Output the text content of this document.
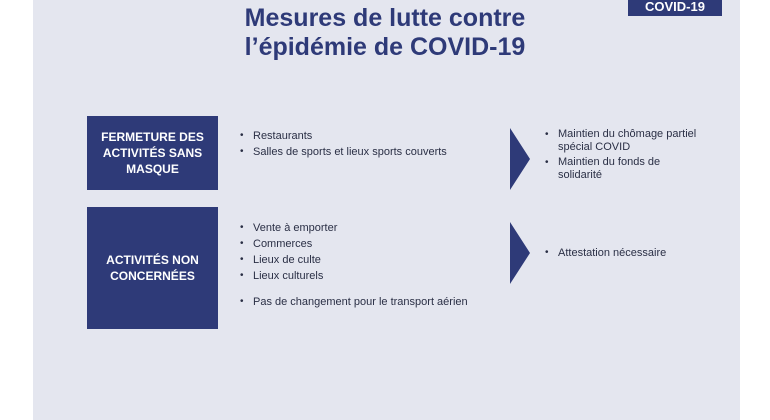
COVID-19
Mesures de lutte contre
l’épidémie de COVID-19
FERMETURE DES
ACTIVITÉS SANS
MASQUE
• Restaurants
• Salles de sports et lieux sports couverts
• Maintien du chômage partiel spécial COVID
• Maintien du fonds de solidarité
ACTIVITÉS NON
CONCERNÉES
• Vente à emporter
• Commerces
• Lieux de culte
• Lieux culturels
• Pas de changement pour le transport aérien
• Attestation nécessaire
